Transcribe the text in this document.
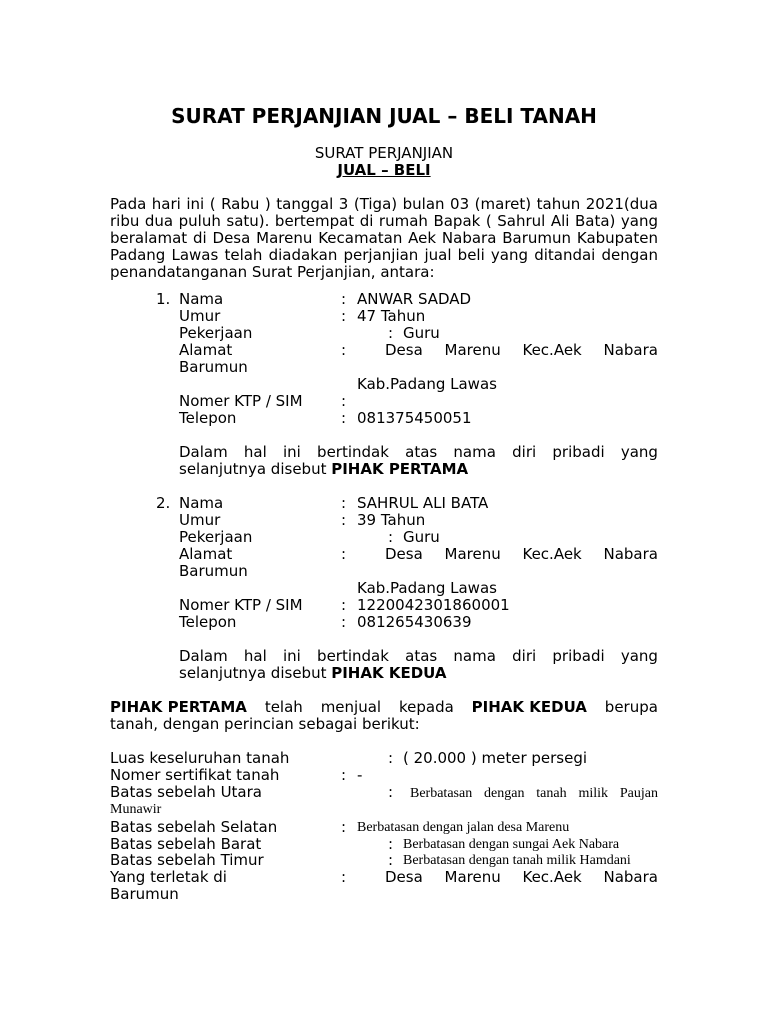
SURAT PERJANJIAN JUAL – BELI TANAH
SURAT PERJANJIAN
JUAL – BELI
Pada hari ini ( Rabu ) tanggal 3 (Tiga) bulan 03 (maret) tahun 2021(dua ribu dua puluh satu). bertempat di rumah Bapak ( Sahrul Ali Bata) yang beralamat di Desa Marenu Kecamatan Aek Nabara Barumun Kabupaten Padang Lawas telah diadakan perjanjian jual beli yang ditandai dengan penandatanganan Surat Perjanjian, antara:
1. Nama	: ANWAR SADAD
Umur	: 47 Tahun
Pekerjaan	: Guru
Alamat	:	Desa Marenu Kec.Aek Nabara
Barumun
Kab.Padang Lawas
Nomer KTP / SIM	:
Telepon	: 081375450051
Dalam hal ini bertindak atas nama diri pribadi yang
selanjutnya disebut PIHAK PERTAMA
2. Nama	: SAHRUL ALI BATA
Umur	: 39 Tahun
Pekerjaan	: Guru
Alamat	:	Desa Marenu Kec.Aek Nabara
Barumun
Kab.Padang Lawas
Nomer KTP / SIM	: 1220042301860001
Telepon	: 081265430639
Dalam hal ini bertindak atas nama diri pribadi yang
selanjutnya disebut PIHAK KEDUA
PIHAK PERTAMA telah menjual kepada PIHAK KEDUA berupa
tanah, dengan perincian sebagai berikut:
Luas keseluruhan tanah	: ( 20.000 ) meter persegi
Nomer sertifikat tanah	: -
Batas sebelah Utara	: Berbatasan dengan tanah milik Paujan
Munawir
Batas sebelah Selatan	: Berbatasan dengan jalan desa Marenu
Batas sebelah Barat	: Berbatasan dengan sungai Aek Nabara
Batas sebelah Timur	: Berbatasan dengan tanah milik Hamdani
Yang terletak di	:	Desa Marenu Kec.Aek Nabara
Barumun
